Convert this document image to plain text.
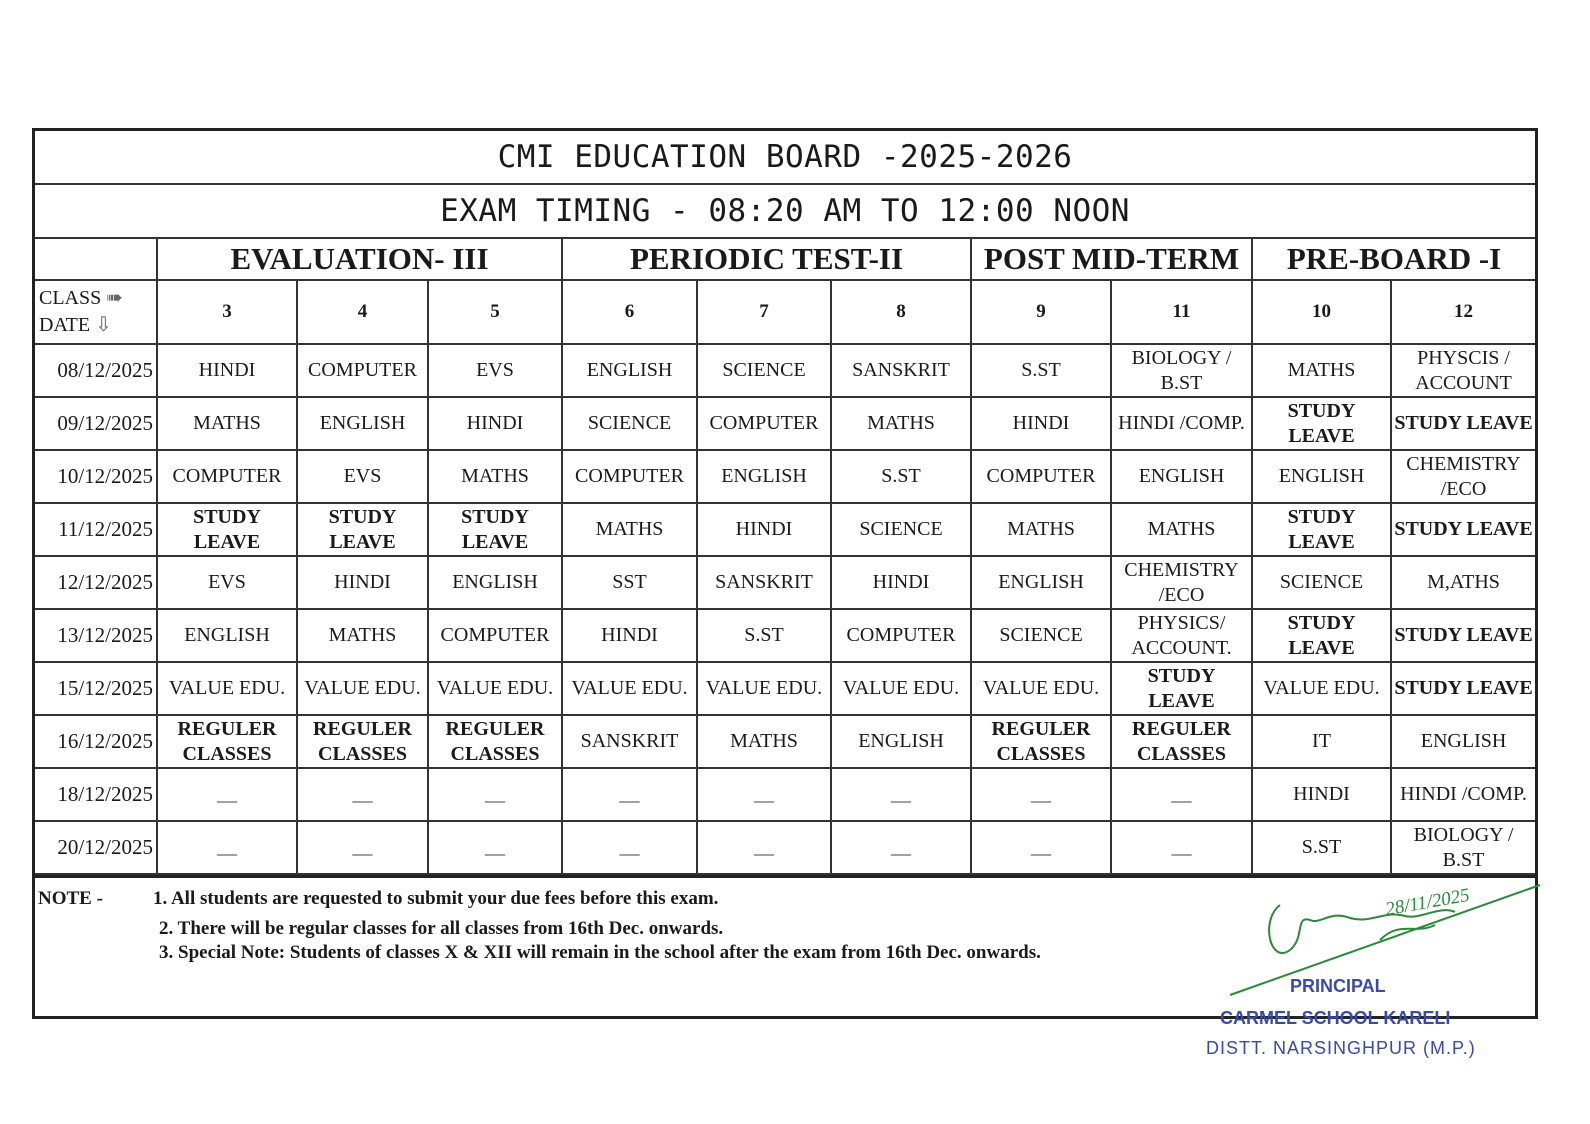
CMI EDUCATION BOARD -2025-2026										
EXAM TIMING - 08:20 AM TO 12:00 NOON										
	EVALUATION- III			PERIODIC TEST-II			POST MID-TERM		PRE-BOARD -I	
CLASS ➠
DATE ⇩	3	4	5	6	7	8	9	11	10	12
08/12/2025	HINDI	COMPUTER	EVS	ENGLISH	SCIENCE	SANSKRIT	S.ST	BIOLOGY / B.ST	MATHS	PHYSCIS / ACCOUNT
09/12/2025	MATHS	ENGLISH	HINDI	SCIENCE	COMPUTER	MATHS	HINDI	HINDI /COMP.	STUDY LEAVE	STUDY LEAVE
10/12/2025	COMPUTER	EVS	MATHS	COMPUTER	ENGLISH	S.ST	COMPUTER	ENGLISH	ENGLISH	CHEMISTRY /ECO
11/12/2025	STUDY LEAVE	STUDY LEAVE	STUDY LEAVE	MATHS	HINDI	SCIENCE	MATHS	MATHS	STUDY LEAVE	STUDY LEAVE
12/12/2025	EVS	HINDI	ENGLISH	SST	SANSKRIT	HINDI	ENGLISH	CHEMISTRY /ECO	SCIENCE	M,ATHS
13/12/2025	ENGLISH	MATHS	COMPUTER	HINDI	S.ST	COMPUTER	SCIENCE	PHYSICS/ ACCOUNT.	STUDY LEAVE	STUDY LEAVE
15/12/2025	VALUE EDU.	VALUE EDU.	VALUE EDU.	VALUE EDU.	VALUE EDU.	VALUE EDU.	VALUE EDU.	STUDY LEAVE	VALUE EDU.	STUDY LEAVE
16/12/2025	REGULER CLASSES	REGULER CLASSES	REGULER CLASSES	SANSKRIT	MATHS	ENGLISH	REGULER CLASSES	REGULER CLASSES	IT	ENGLISH
18/12/2025	__	__	__	__	__	__	__	__	HINDI	HINDI /COMP.
20/12/2025	__	__	__	__	__	__	__	__	S.ST	BIOLOGY / B.ST
NOTE -	1. All students are requested to submit your due fees before this exam.
2. There will be regular classes for all classes from 16th Dec. onwards.
3. Special Note: Students of classes X & XII will remain in the school after the exam from 16th Dec. onwards.
28/11/2025
PRINCIPAL
CARMEL SCHOOL KARELI
DISTT. NARSINGHPUR (M.P.)
